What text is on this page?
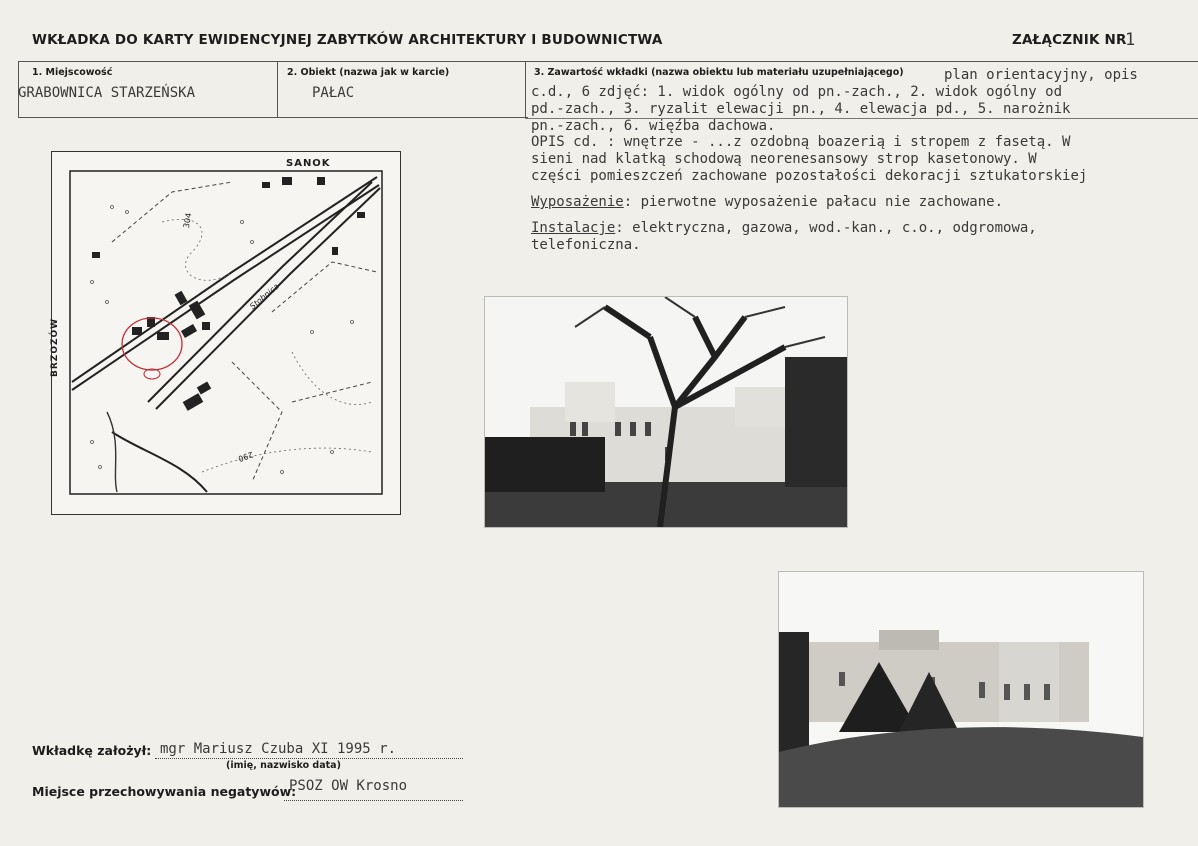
WKŁADKA DO KARTY EWIDENCYJNEJ ZABYTKÓW ARCHITEKTURY I BUDOWNICTWA	ZAŁĄCZNIK NR
1
1. Miejscowość
GRABOWNICA STARZEŃSKA
2. Obiekt (nazwa jak w karcie)
PAŁAC
3. Zawartość wkładki (nazwa obiektu lub materiału uzupełniającego)	plan orientacyjny, opis
c.d., 6 zdjęć: 1. widok ogólny od pn.-zach., 2. widok ogólny od
pd.-zach., 3. ryzalit elewacji pn., 4. elewacja pd., 5. narożnik
pn.-zach., 6. więźba dachowa.
OPIS cd. : wnętrze - ...z ozdobną boazerią i stropem z fasetą. W
sieni nad klatką schodową neorenesansowy strop kasetonowy. W
części pomieszczeń zachowane pozostałości dekoracji sztukatorskiej
Wyposażenie: pierwotne wyposażenie pałacu nie zachowane.
Instalacje: elektryczna, gazowa, wod.-kan., c.o., odgromowa,
telefoniczna.
SANOK
BRZOZÓW
Stobnica
304
290
Wkładkę założył: mgr Mariusz Czuba XI 1995 r.
(imię, nazwisko data)
Miejsce przechowywania negatywów:
PSOZ OW Krosno
